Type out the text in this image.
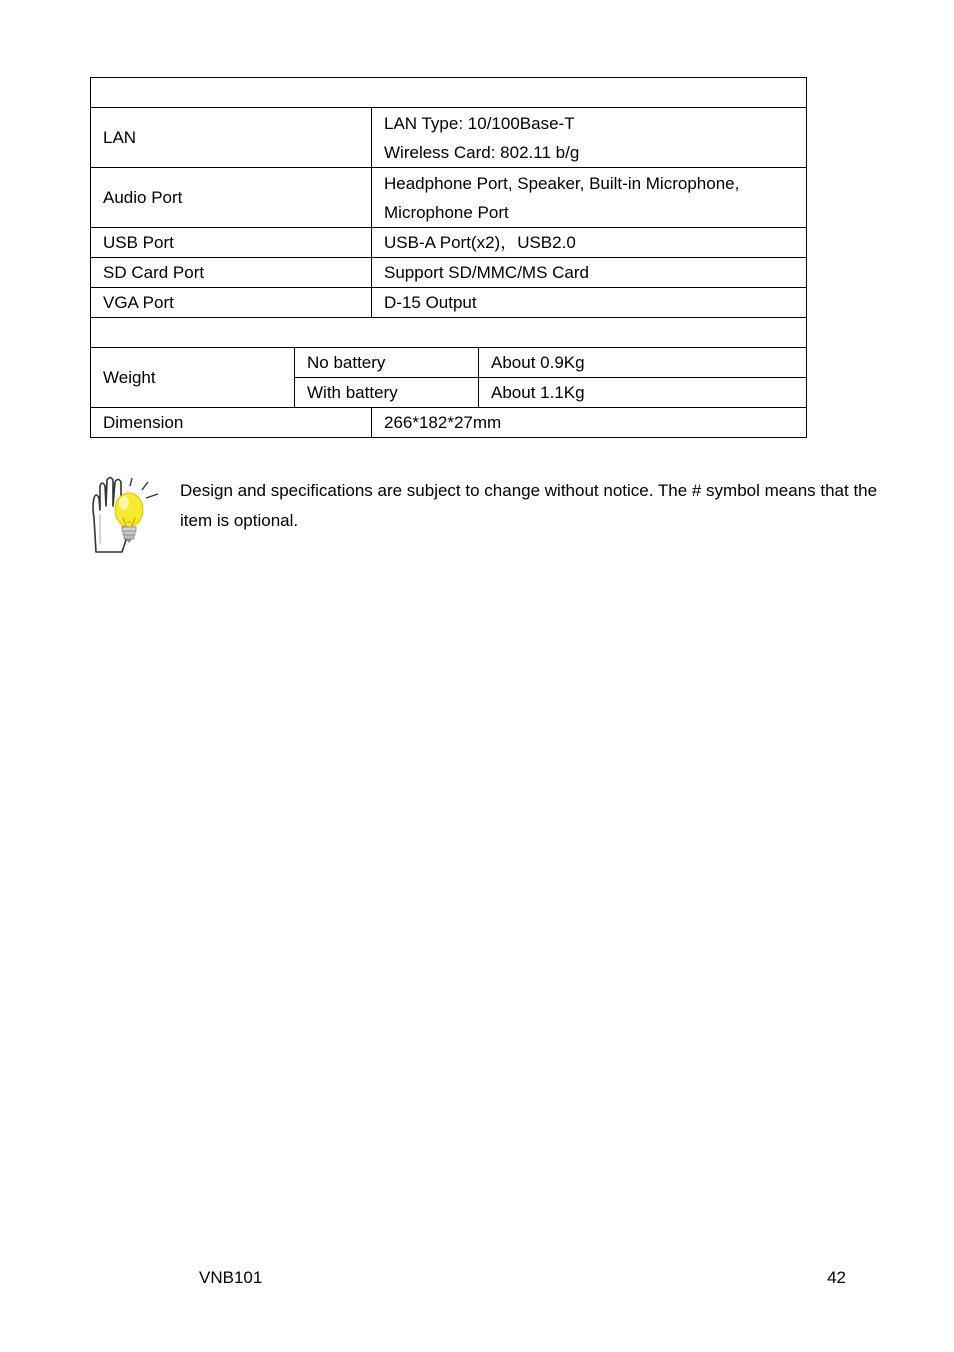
LAN		LAN Type: 10/100Base-T
Wireless Card: 802.11 b/g	

Audio Port		Headphone Port, Speaker, Built-in Microphone,
Microphone Port	

USB Port		USB-A Port(x2)，USB2.0	
SD Card Port		Support SD/MMC/MS Card	
VGA Port		D-15 Output	

Weight	No battery		About 0.9Kg
	With battery		About 1.1Kg
Dimension		266*182*27mm	
Design and specifications are subject to change without notice. The # symbol means that the item is optional.
VNB101	42
